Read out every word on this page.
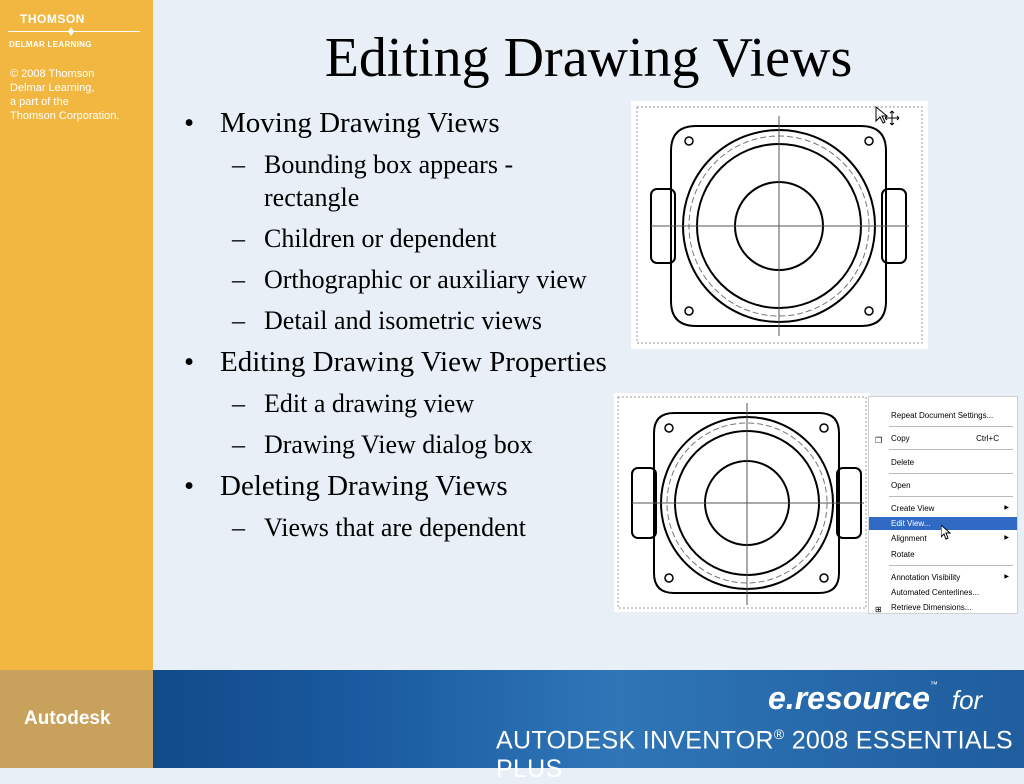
THOMSON
DELMAR LEARNING
© 2008 Thomson
Delmar Learning,
a part of the
Thomson Corporation.
Editing Drawing Views
• Moving Drawing Views
– Bounding box appears - rectangle
– Children or dependent
– Orthographic or auxiliary view
– Detail and isometric views
• Editing Drawing View Properties
– Edit a drawing view
– Drawing View dialog box
• Deleting Drawing Views
– Views that are dependent
Repeat Document Settings...
❐ Copy	Ctrl+C
Delete
Open
Create View	▶
Edit View...
Alignment	▶
Rotate
Annotation Visibility	▶
Automated Centerlines...
⊞ Retrieve Dimensions...
Autodesk
e.resource™for
AUTODESK INVENTOR® 2008 ESSENTIALS PLUS
